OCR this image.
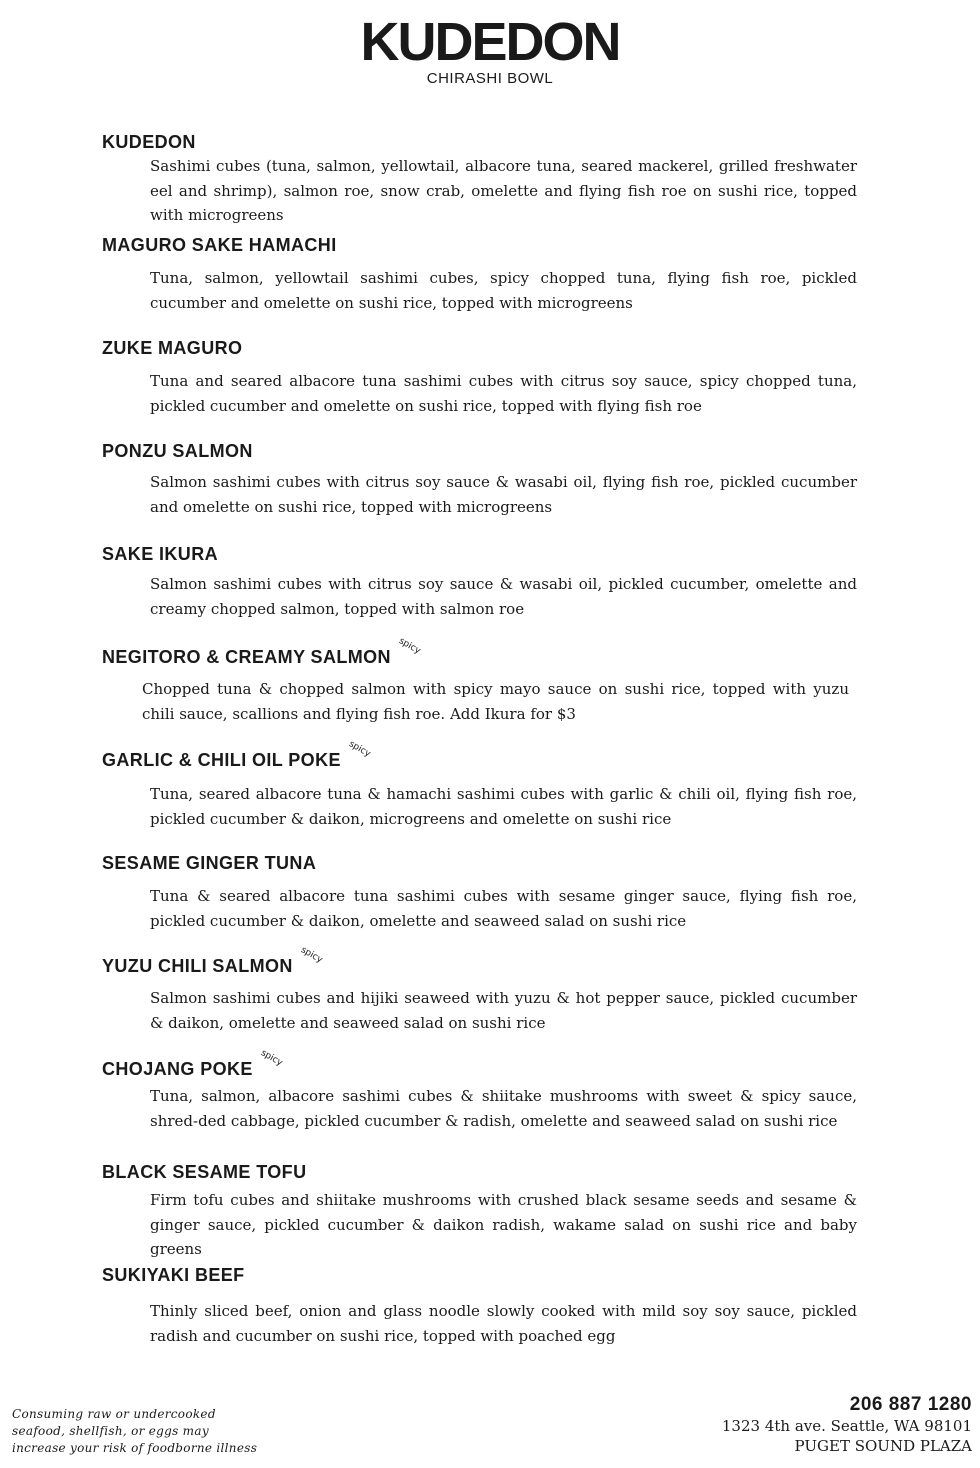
KUDEDON
CHIRASHI BOWL
KUDEDON
Sashimi cubes (tuna, salmon, yellowtail, albacore tuna, seared mackerel, grilled freshwater eel and shrimp), salmon roe, snow crab, omelette and flying fish roe on sushi rice, topped with microgreens
MAGURO SAKE HAMACHI
Tuna, salmon, yellowtail sashimi cubes, spicy chopped tuna, flying fish roe, pickled cucumber and omelette on sushi rice, topped with microgreens
ZUKE MAGURO
Tuna and seared albacore tuna sashimi cubes with citrus soy sauce, spicy chopped tuna, pickled cucumber and omelette on sushi rice, topped with flying fish roe
PONZU SALMON
Salmon sashimi cubes with citrus soy sauce & wasabi oil, flying fish roe, pickled cucumber and omelette on sushi rice, topped with microgreens
SAKE IKURA
Salmon sashimi cubes with citrus soy sauce & wasabi oil, pickled cucumber, omelette and creamy chopped salmon, topped with salmon roe
NEGITORO & CREAMY SALMON
spicy
Chopped tuna & chopped salmon with spicy mayo sauce on sushi rice, topped with yuzu chili sauce, scallions and flying fish roe. Add Ikura for $3
GARLIC & CHILI OIL POKE
spicy
Tuna, seared albacore tuna & hamachi sashimi cubes with garlic & chili oil, flying fish roe, pickled cucumber & daikon, microgreens and omelette on sushi rice
SESAME GINGER TUNA
Tuna & seared albacore tuna sashimi cubes with sesame ginger sauce, flying fish roe, pickled cucumber & daikon, omelette and seaweed salad on sushi rice
YUZU CHILI SALMON
spicy
Salmon sashimi cubes and hijiki seaweed with yuzu & hot pepper sauce, pickled cucumber & daikon, omelette and seaweed salad on sushi rice
CHOJANG POKE
spicy
Tuna, salmon, albacore sashimi cubes & shiitake mushrooms with sweet & spicy sauce, shred-ded cabbage, pickled cucumber & radish, omelette and seaweed salad on sushi rice
BLACK SESAME TOFU
Firm tofu cubes and shiitake mushrooms with crushed black sesame seeds and sesame & ginger sauce, pickled cucumber & daikon radish, wakame salad on sushi rice and baby greens
SUKIYAKI BEEF
Thinly sliced beef, onion and glass noodle slowly cooked with mild soy soy sauce, pickled radish and cucumber on sushi rice, topped with poached egg
Consuming raw or undercooked
seafood, shellfish, or eggs may
increase your risk of foodborne illness
206 887 1280
1323 4th ave. Seattle, WA 98101
PUGET SOUND PLAZA
